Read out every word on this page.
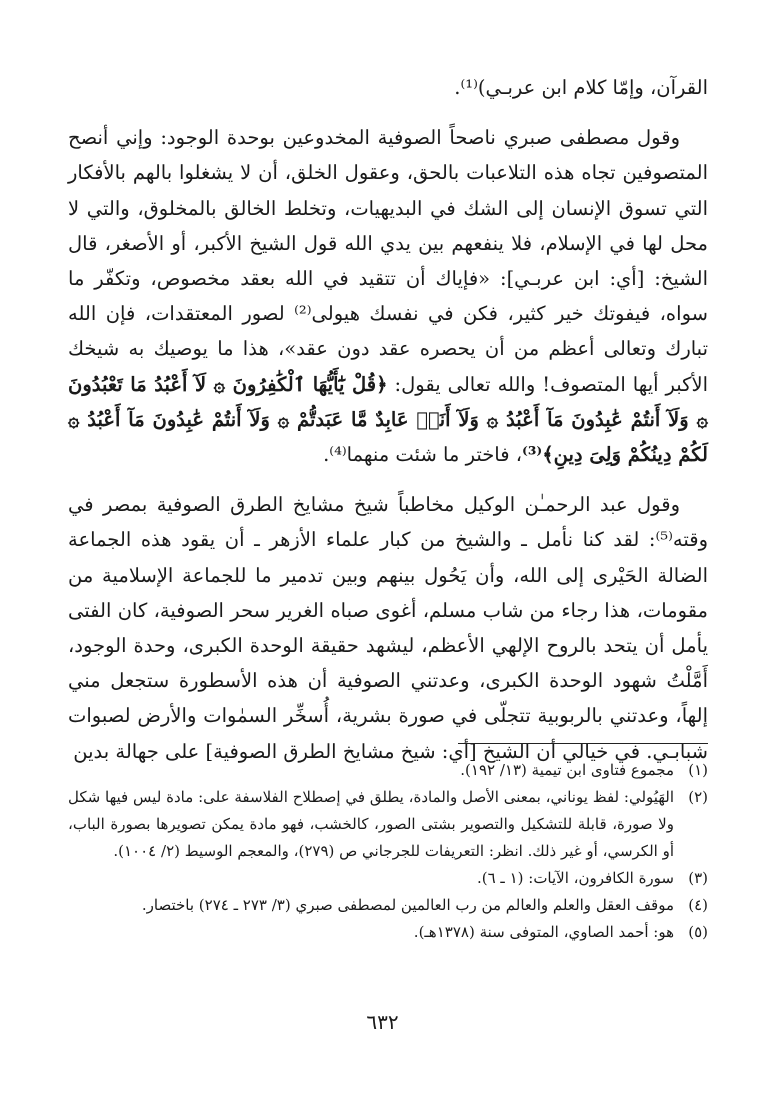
القرآن، وإمّا كلام ابن عربـي)⁽¹⁾.

وقول مصطفى صبري ناصحاً الصوفية المخدوعين بوحدة الوجود: وإني أنصح المتصوفين تجاه هذه التلاعبات بالحق، وعقول الخلق، أن لا يشغلوا بالهم بالأفكار التي تسوق الإنسان إلى الشك في البديهيات، وتخلط الخالق بالمخلوق، والتي لا محل لها في الإسلام، فلا ينفعهم بين يدي الله قول الشيخ الأكبر، أو الأصغر، قال الشيخ: [أي: ابن عربـي]: «فإياك أن تتقيد في الله بعقد مخصوص، وتكفّر ما سواه، فيفوتك خير كثير، فكن في نفسك هيولى⁽²⁾ لصور المعتقدات، فإن الله تبارك وتعالى أعظم من أن يحصره عقد دون عقد»، هذا ما يوصيك به شيخك الأكبر أيها المتصوف! والله تعالى يقول: ﴿قُلْ يَٰٓأَيُّهَا ٱلْكَٰفِرُونَ ۞ لَآ أَعْبُدُ مَا تَعْبُدُونَ ۞ وَلَآ أَنتُمْ عَٰبِدُونَ مَآ أَعْبُدُ ۞ وَلَآ أَنَا۠ عَابِدٌ مَّا عَبَدتُّمْ ۞ وَلَآ أَنتُمْ عَٰبِدُونَ مَآ أَعْبُدُ ۞ لَكُمْ دِينُكُمْ وَلِىَ دِينِ﴾⁽³⁾، فاختر ما شئت منهما⁽⁴⁾.

وقول عبد الرحمـٰن الوكيل مخاطباً شيخ مشايخ الطرق الصوفية بمصر في وقته⁽⁵⁾: لقد كنا نأمل ـ والشيخ من كبار علماء الأزهر ـ أن يقود هذه الجماعة الضالة الحَيْرى إلى الله، وأن يَحُول بينهم وبين تدمير ما للجماعة الإسلامية من مقومات، هذا رجاء من شاب مسلم، أغوى صباه الغرير سحر الصوفية، كان الفتى يأمل أن يتحد بالروح الإلهي الأعظم، ليشهد حقيقة الوحدة الكبرى، وحدة الوجود، أَمَّلْتُ شهود الوحدة الكبرى، وعدتني الصوفية أن هذه الأسطورة ستجعل مني إلهاً، وعدتني بالربوبية تتجلّى في صورة بشرية، أُسخِّر السمٰوات والأرض لصبوات شبابـي. في خيالي أن الشيخ [أي: شيخ مشايخ الطرق الصوفية] على جهالة بدين

(١)
مجموع فتاوى ابن تيمية (١٣/ ١٩٢).
(٢)
الهَيُولي: لفظ يوناني، بمعنى الأصل والمادة، يطلق في إصطلاح الفلاسفة على: مادة ليس فيها شكل ولا صورة، قابلة للتشكيل والتصوير بشتى الصور، كالخشب، فهو مادة يمكن تصويرها بصورة الباب، أو الكرسي، أو غير ذلك. انظر: التعريفات للجرجاني ص (٢٧٩)، والمعجم الوسيط (٢/ ١٠٠٤).
(٣)
سورة الكافرون، الآيات: (١ ـ ٦).
(٤)
موقف العقل والعلم والعالم من رب العالمين لمصطفى صبري (٣/ ٢٧٣ ـ ٢٧٤) باختصار.
(٥)
هو: أحمد الصاوي، المتوفى سنة (١٣٧٨هـ).
٦٣٢
